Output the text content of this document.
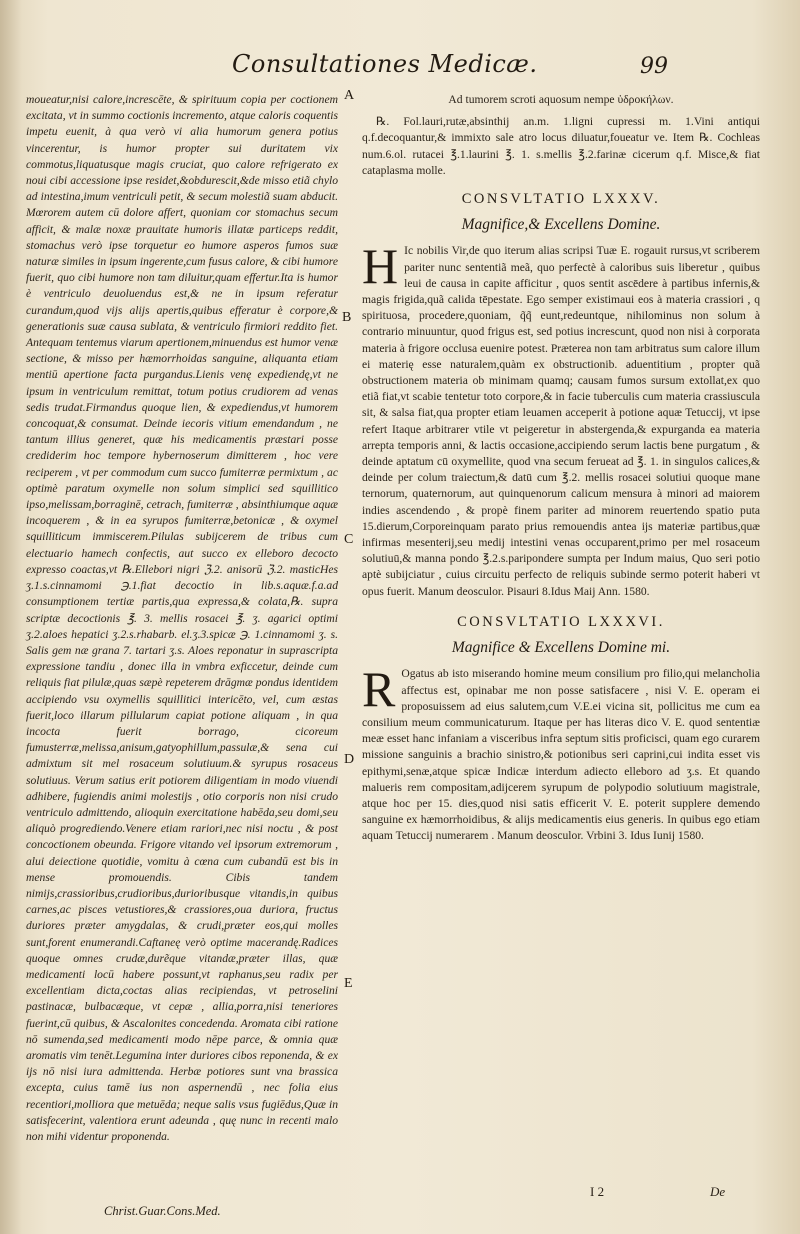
Consultationes Medicæ.	99

moueatur,nisi calore,increscēte, & spirituum copia per coctionem excitata, vt in summo coctionis incremento, atque caloris coquentis impetu euenit, à qua verò vi alia humorum genera potius vincerentur, is humor propter sui duritatem vix commotus,liquatusque magis cruciat, quo calore refrigerato ex noui cibi accessione ipse residet,&obdurescit,&de misso etiã chylo ad intestina,imum ventriculi petit, & secum molestiã suam abducit. Mœrorem autem cū dolore affert, quoniam cor stomachus secum afficit, & malæ noxæ prauitate humoris illatæ particeps reddit, stomachus verò ipse torquetur eo humore asperos fumos suæ naturæ similes in ipsum ingerente,cum fusus calore, & cibi humore fuerit, quo cibi humore non tam diluitur,quam effertur.Ita is humor è ventriculo deuoluendus est,& ne in ipsum referatur curandum,quod vijs alijs apertis,quibus efferatur è corpore,& generationis suæ causa sublata, & ventriculo firmiori reddito fiet. Antequam tentemus viarum apertionem,minuendus est humor venæ sectione, & misso per hæmorrhoidas sanguine, aliquanta etiam mentiū apertione facta purgandus.Lienis venę expediendę,vt ne ipsum in ventriculum remittat, totum potius crudiorem ad venas sedis trudat.Firmandus quoque lien, & expediendus,vt humorem concoquat,& consumat. Deinde iecoris vitium emendandum , ne tantum illius generet, quæ his medicamentis præstari posse crediderim hoc tempore hybernoserum dimitterem , hoc vere reciperem , vt per commodum cum succo fumiterræ permixtum , ac optimè paratum oxymelle non solum simplici sed squillitico ipso,melissam,borraginē, cetrach, fumiterræ , absinthiumque aquæ incoquerem , & in ea syrupos fumiterræ,betonicæ , & oxymel squilliticum immiscerem.Pilulas subijcerem de tribus cum electuario hamech confectis, aut succo ex elleboro decocto expresso coactas,vt ℞.Ellebori nigri ℨ.2. anisorū ℨ.2. masticHes ʒ.1.s.cinnamomi ℈.1.fiat decoctio in lib.s.aquæ.f.a.ad consumptionem tertiæ partis,qua expressa,& colata,℞. supra scriptæ decoctionis ℥. 3. mellis rosacei ℥. ʒ. agarici optimi ʒ.2.aloes hepatici ʒ.2.s.rhabarb. el.ʒ.3.spicæ ℈. 1.cinnamomi ʒ. s. Salis gem næ grana 7. tartari ʒ.s. Aloes reponatur in suprascripta expressione tandiu , donec illa in vmbra exficcetur, deinde cum reliquis fiat pilulæ,quas sæpè repeterem drāgmæ pondus identidem accipiendo vsu oxymellis squillitici intericēto, vel, cum æstas fuerit,loco illarum pillularum capiat potione aliquam , in qua incocta fuerit borrago, cicoreum fumusterræ,melissa,anisum,gatyophillum,passulæ,& sena cui admixtum sit mel rosaceum solutiuum.& syrupus rosaceus solutiuus. Verum satius erit potiorem diligentiam in modo viuendi adhibere, fugiendis animi molestijs , otio corporis non nisi crudo ventriculo admittendo, alioquin exercitatione habēda,seu domi,seu aliquò progrediendo.Venere etiam rariori,nec nisi noctu , & post concoctionem obeunda. Frigore vitando vel ipsorum extremorum , alui deiectione quotidie, vomitu à cœna cum cubandū est bis in mense promouendis. Cibis tandem nimijs,crassioribus,crudioribus,durioribusque vitandis,in quibus carnes,ac pisces vetustiores,& crassiores,oua duriora, fructus duriores præter amygdalas, & crudi,præter eos,qui molles sunt,forent enumerandi.Caftaneę verò optime macerandę.Radices quoque omnes crudæ,durẽque vitandæ,præter illas, quæ medicamenti locū habere possunt,vt raphanus,seu radix per excellentiam dicta,coctas alias recipiendas, vt petroselini pastinacæ, bulbacæque, vt cepæ , allia,porra,nisi teneriores fuerint,cū quibus, & Ascalonites concedenda. Aromata cibi ratione nō sumenda,sed medicamenti modo nēpe parce, & omnia quæ aromatis vim tenēt.Legumina inter duriores cibos reponenda, & ex ijs nō nisi iura admittenda. Herbæ potiores sunt vna brassica excepta, cuius tamē ius non aspernendū , nec folia eius recentiori,molliora que metuēda; neque salis vsus fugiēdus,Quæ in satisfecerint, valentiora erunt adeunda , quę nunc in recenti malo non mihi videntur proponenda.

A
B
C
D
E

Ad tumorem scroti aquosum nempe ὑδροκήλων.

℞. Fol.lauri,rutæ,absinthij an.m. 1.ligni cupressi m. 1.Vini antiqui q.f.decoquantur,& immixto sale atro locus diluatur,foueatur ve. Item ℞. Cochleas num.6.ol. rutacei ℥.1.laurini ℥. 1. s.mellis ℥.2.farinæ cicerum q.f. Misce,& fiat cataplasma molle.

CONSVLTATIO LXXXV.
Magnifice,& Excellens Domine.

H Ic nobilis Vir,de quo iterum alias scripsi Tuæ E. rogauit rursus,vt scriberem pariter nunc sententiã meã, quo perfectè à caloribus suis liberetur , quibus leui de causa in capite afficitur , quos sentit ascēdere à partibus infernis,& magis frigida,quã calida tēpestate. Ego semper existimaui eos à materia crassiori , q spirituosa, procedere,quoniam, q̃q̃ eunt,redeuntque, nihilominus non solum à contrario minuuntur, quod frigus est, sed potius increscunt, quod non nisi à corporata materia à frigore occlusa euenire potest. Præterea non tam arbitratus sum calore illum ei materię esse naturalem,quàm ex obstructionib. aduentitium , propter quã obstructionem materia ob minimam quamq; causam fumos sursum extollat,ex quo etiã fiat,vt scabie tentetur toto corpore,& in facie tuberculis cum materia crassiuscula sit, & salsa fiat,qua propter etiam leuamen acceperit à potione aquæ Tetuccij, vt ipse refert Itaque arbitrarer vtile vt peigeretur in abstergenda,& expurganda ea materia arrepta temporis anni, & lactis occasione,accipiendo serum lactis bene purgatum , & deinde aptatum cū oxymellite, quod vna secum ferueat ad ℥. 1. in singulos calices,& deinde per colum traiectum,& datū cum ℥.2. mellis rosacei solutiui quoque mane ternorum, quaternorum, aut quinquenorum calicum mensura à minori ad maiorem indies ascendendo , & propè finem pariter ad minorem reuertendo spatio puta 15.dierum,Corporeinquam parato prius remouendis antea ijs materiæ partibus,quæ infirmas mesenterij,seu medij intestini venas occuparent,primo per mel rosaceum solutiuū,& manna pondo ℥.2.s.paripondere sumpta per Indum maius, Quo seri potio aptè subijciatur , cuius circuitu perfecto de reliquis subinde sermo poterit haberi vt opus fuerit. Manum deosculor. Pisauri 8.Idus Maij Ann. 1580.

CONSVLTATIO LXXXVI.
Magnifice & Excellens Domine mi.

R Ogatus ab isto miserando homine meum consilium pro filio,qui melancholia affectus est, opinabar me non posse satisfacere , nisi V. E. operam ei proposuissem ad eius salutem,cum V.E.ei vicina sit, pollicitus me cum ea consilium meum communicaturum. Itaque per has literas dico V. E. quod sententiæ meæ esset hanc infaniam a visceribus infra septum sitis proficisci, quam ego curarem missione sanguinis a brachio sinistro,& potionibus seri caprini,cui indita esset vis epithymi,senæ,atque spicæ Indicæ interdum adiecto elleboro ad ʒ.s. Et quando malueris rem compositam,adijcerem syrupum de polypodio solutiuum magistrale, atque hoc per 15. dies,quod nisi satis efficerit V. E. poterit supplere demendo sanguine ex hæmorrhoidibus, & alijs medicamentis eius generis. In quibus ego etiam aquam Tetuccij numerarem . Manum deosculor. Vrbini 3. Idus Iunij 1580.

Christ.Guar.Cons.Med.
I 2	De
